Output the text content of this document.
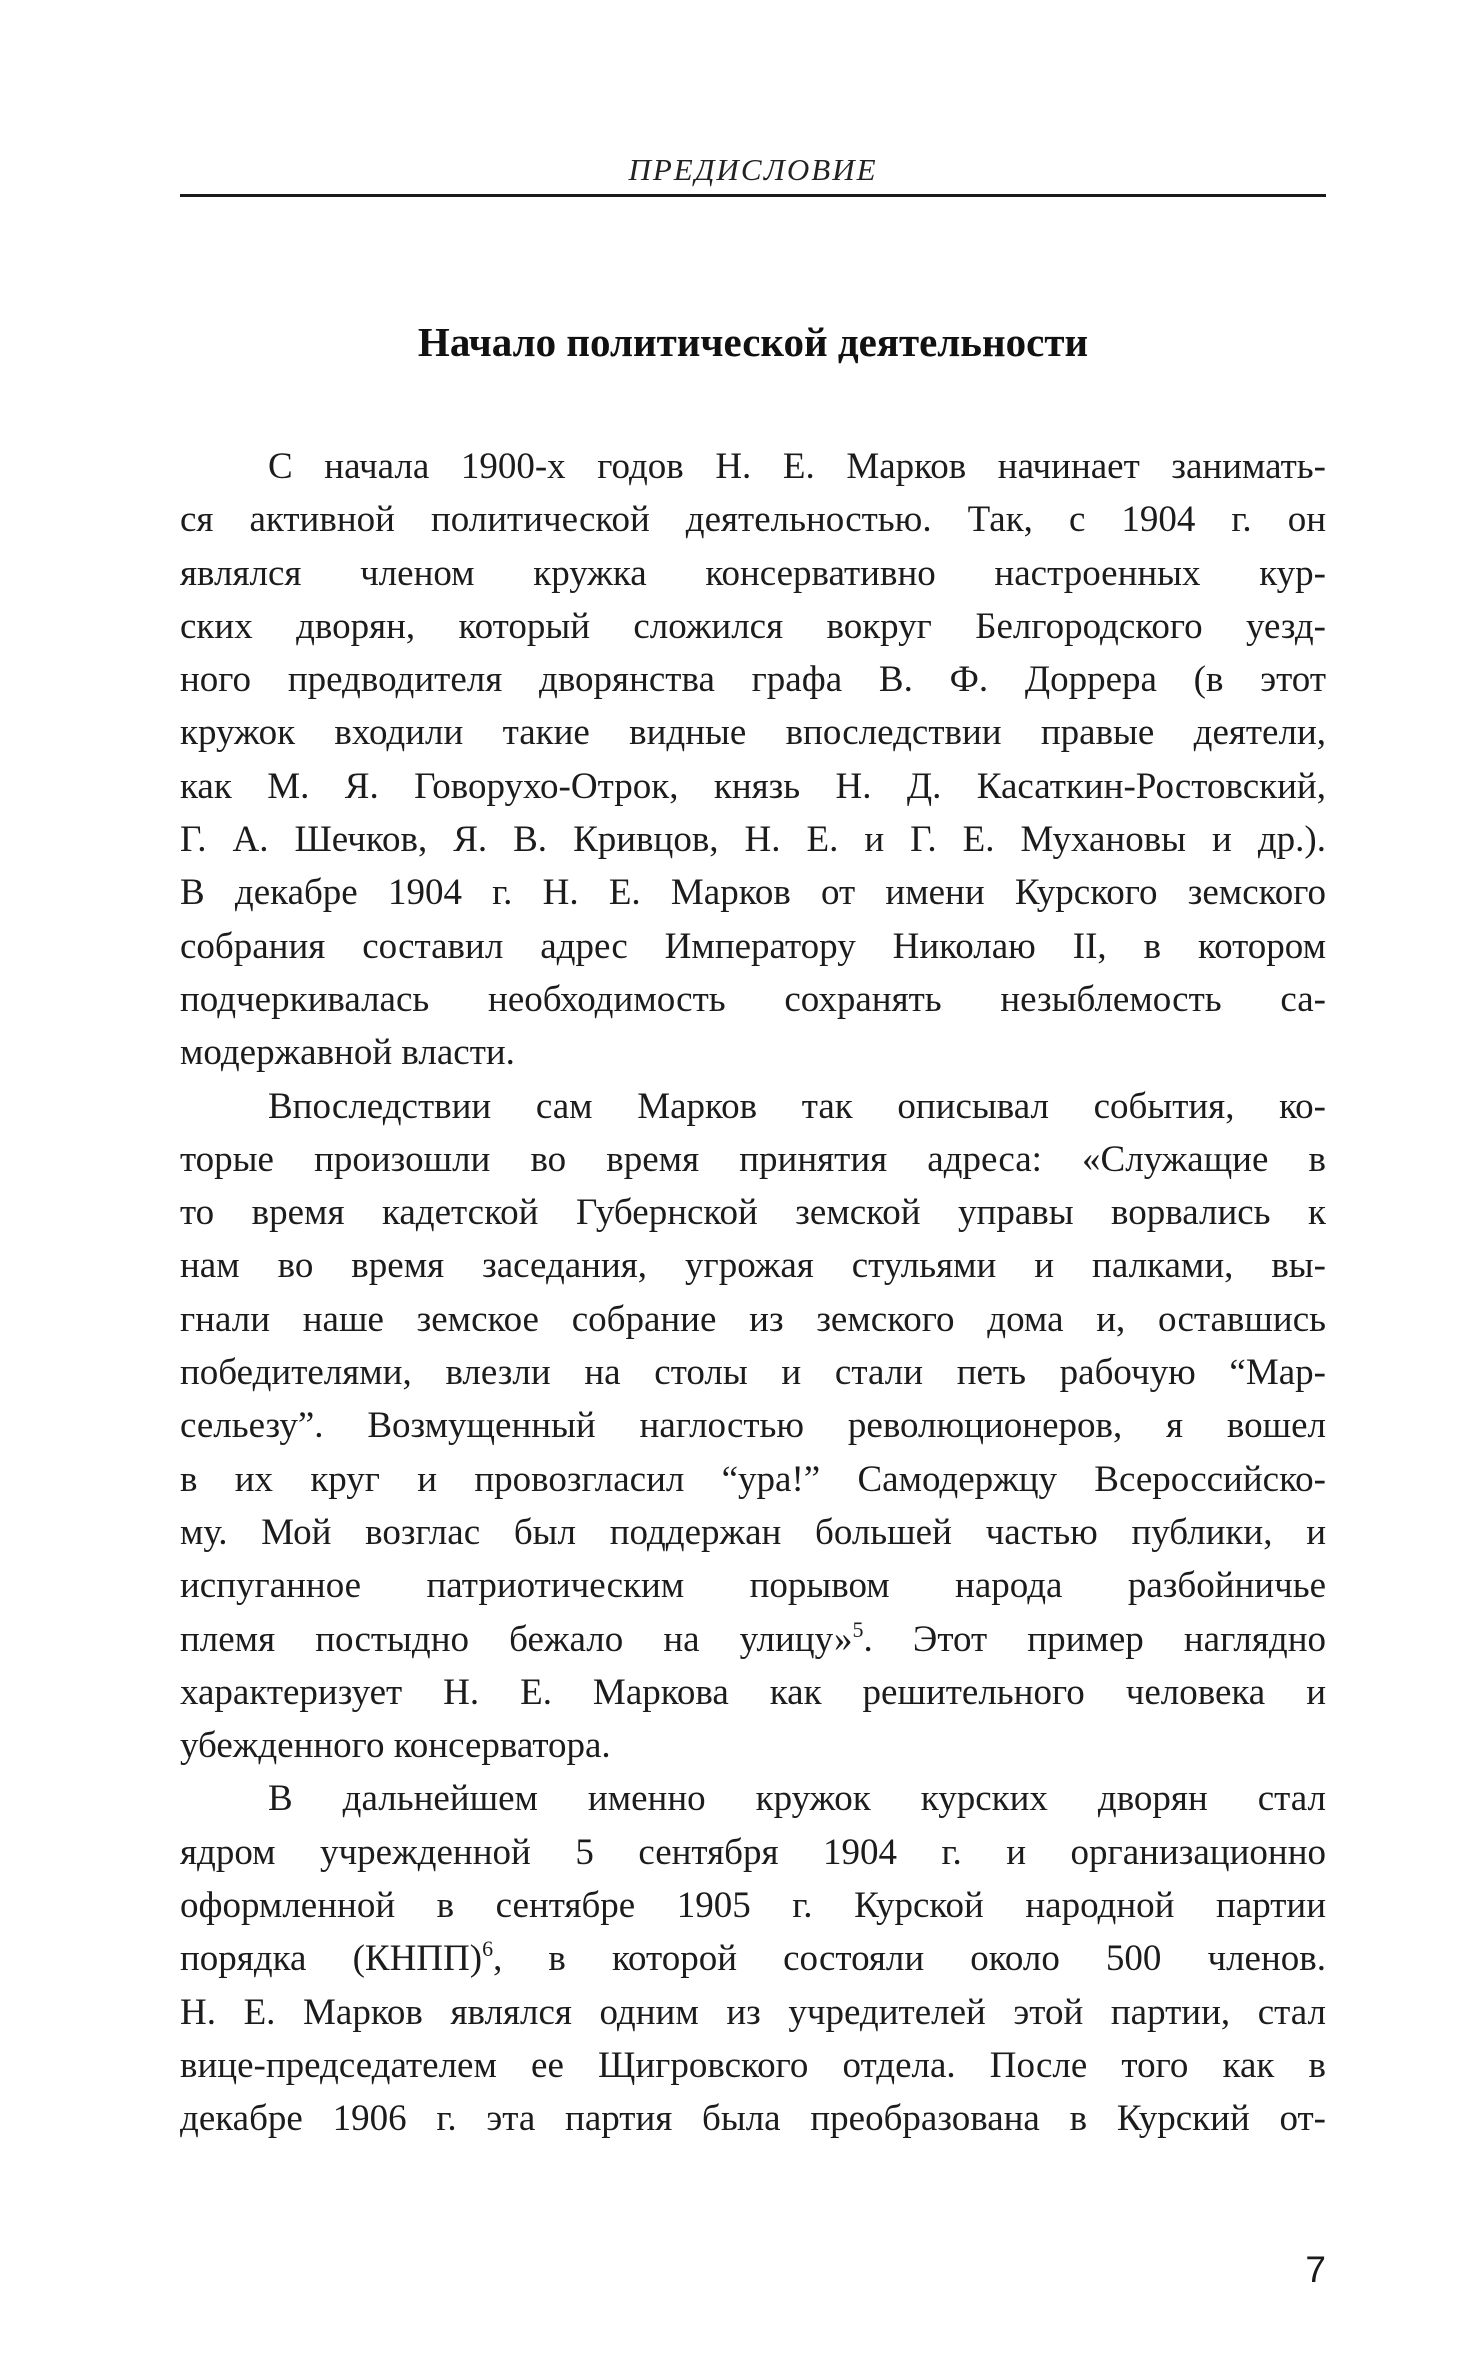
ПРЕДИСЛОВИЕ
Начало политической деятельности
С начала 1900-х годов Н. Е. Марков начинает занимать-
ся активной политической деятельностью. Так, с 1904 г. он
являлся членом кружка консервативно настроенных кур-
ских дворян, который сложился вокруг Белгородского уезд-
ного предводителя дворянства графа В. Ф. Доррера (в этот
кружок входили такие видные впоследствии правые деятели,
как М. Я. Говорухо-Отрок, князь Н. Д. Касаткин-Ростовский,
Г. А. Шечков, Я. В. Кривцов, Н. Е. и Г. Е. Мухановы и др.).
В декабре 1904 г. Н. Е. Марков от имени Курского земского
собрания составил адрес Императору Николаю II, в котором
подчеркивалась необходимость сохранять незыблемость са-
модержавной власти.
Впоследствии сам Марков так описывал события, ко-
торые произошли во время принятия адреса: «Служащие в
то время кадетской Губернской земской управы ворвались к
нам во время заседания, угрожая стульями и палками, вы-
гнали наше земское собрание из земского дома и, оставшись
победителями, влезли на столы и стали петь рабочую “Мар-
сельезу”. Возмущенный наглостью революционеров, я вошел
в их круг и провозгласил “ура!” Самодержцу Всероссийско-
му. Мой возглас был поддержан большей частью публики, и
испуганное патриотическим порывом народа разбойничье
племя постыдно бежало на улицу»$^5$. Этот пример наглядно
характеризует Н. Е. Маркова как решительного человека и
убежденного консерватора.
В дальнейшем именно кружок курских дворян стал
ядром учрежденной 5 сентября 1904 г. и организационно
оформленной в сентябре 1905 г. Курской народной партии
порядка (КНПП)$^6$, в которой состояли около 500 членов.
Н. Е. Марков являлся одним из учредителей этой партии, стал
вице-председателем ее Щигровского отдела. После того как в
декабре 1906 г. эта партия была преобразована в Курский от-
7
